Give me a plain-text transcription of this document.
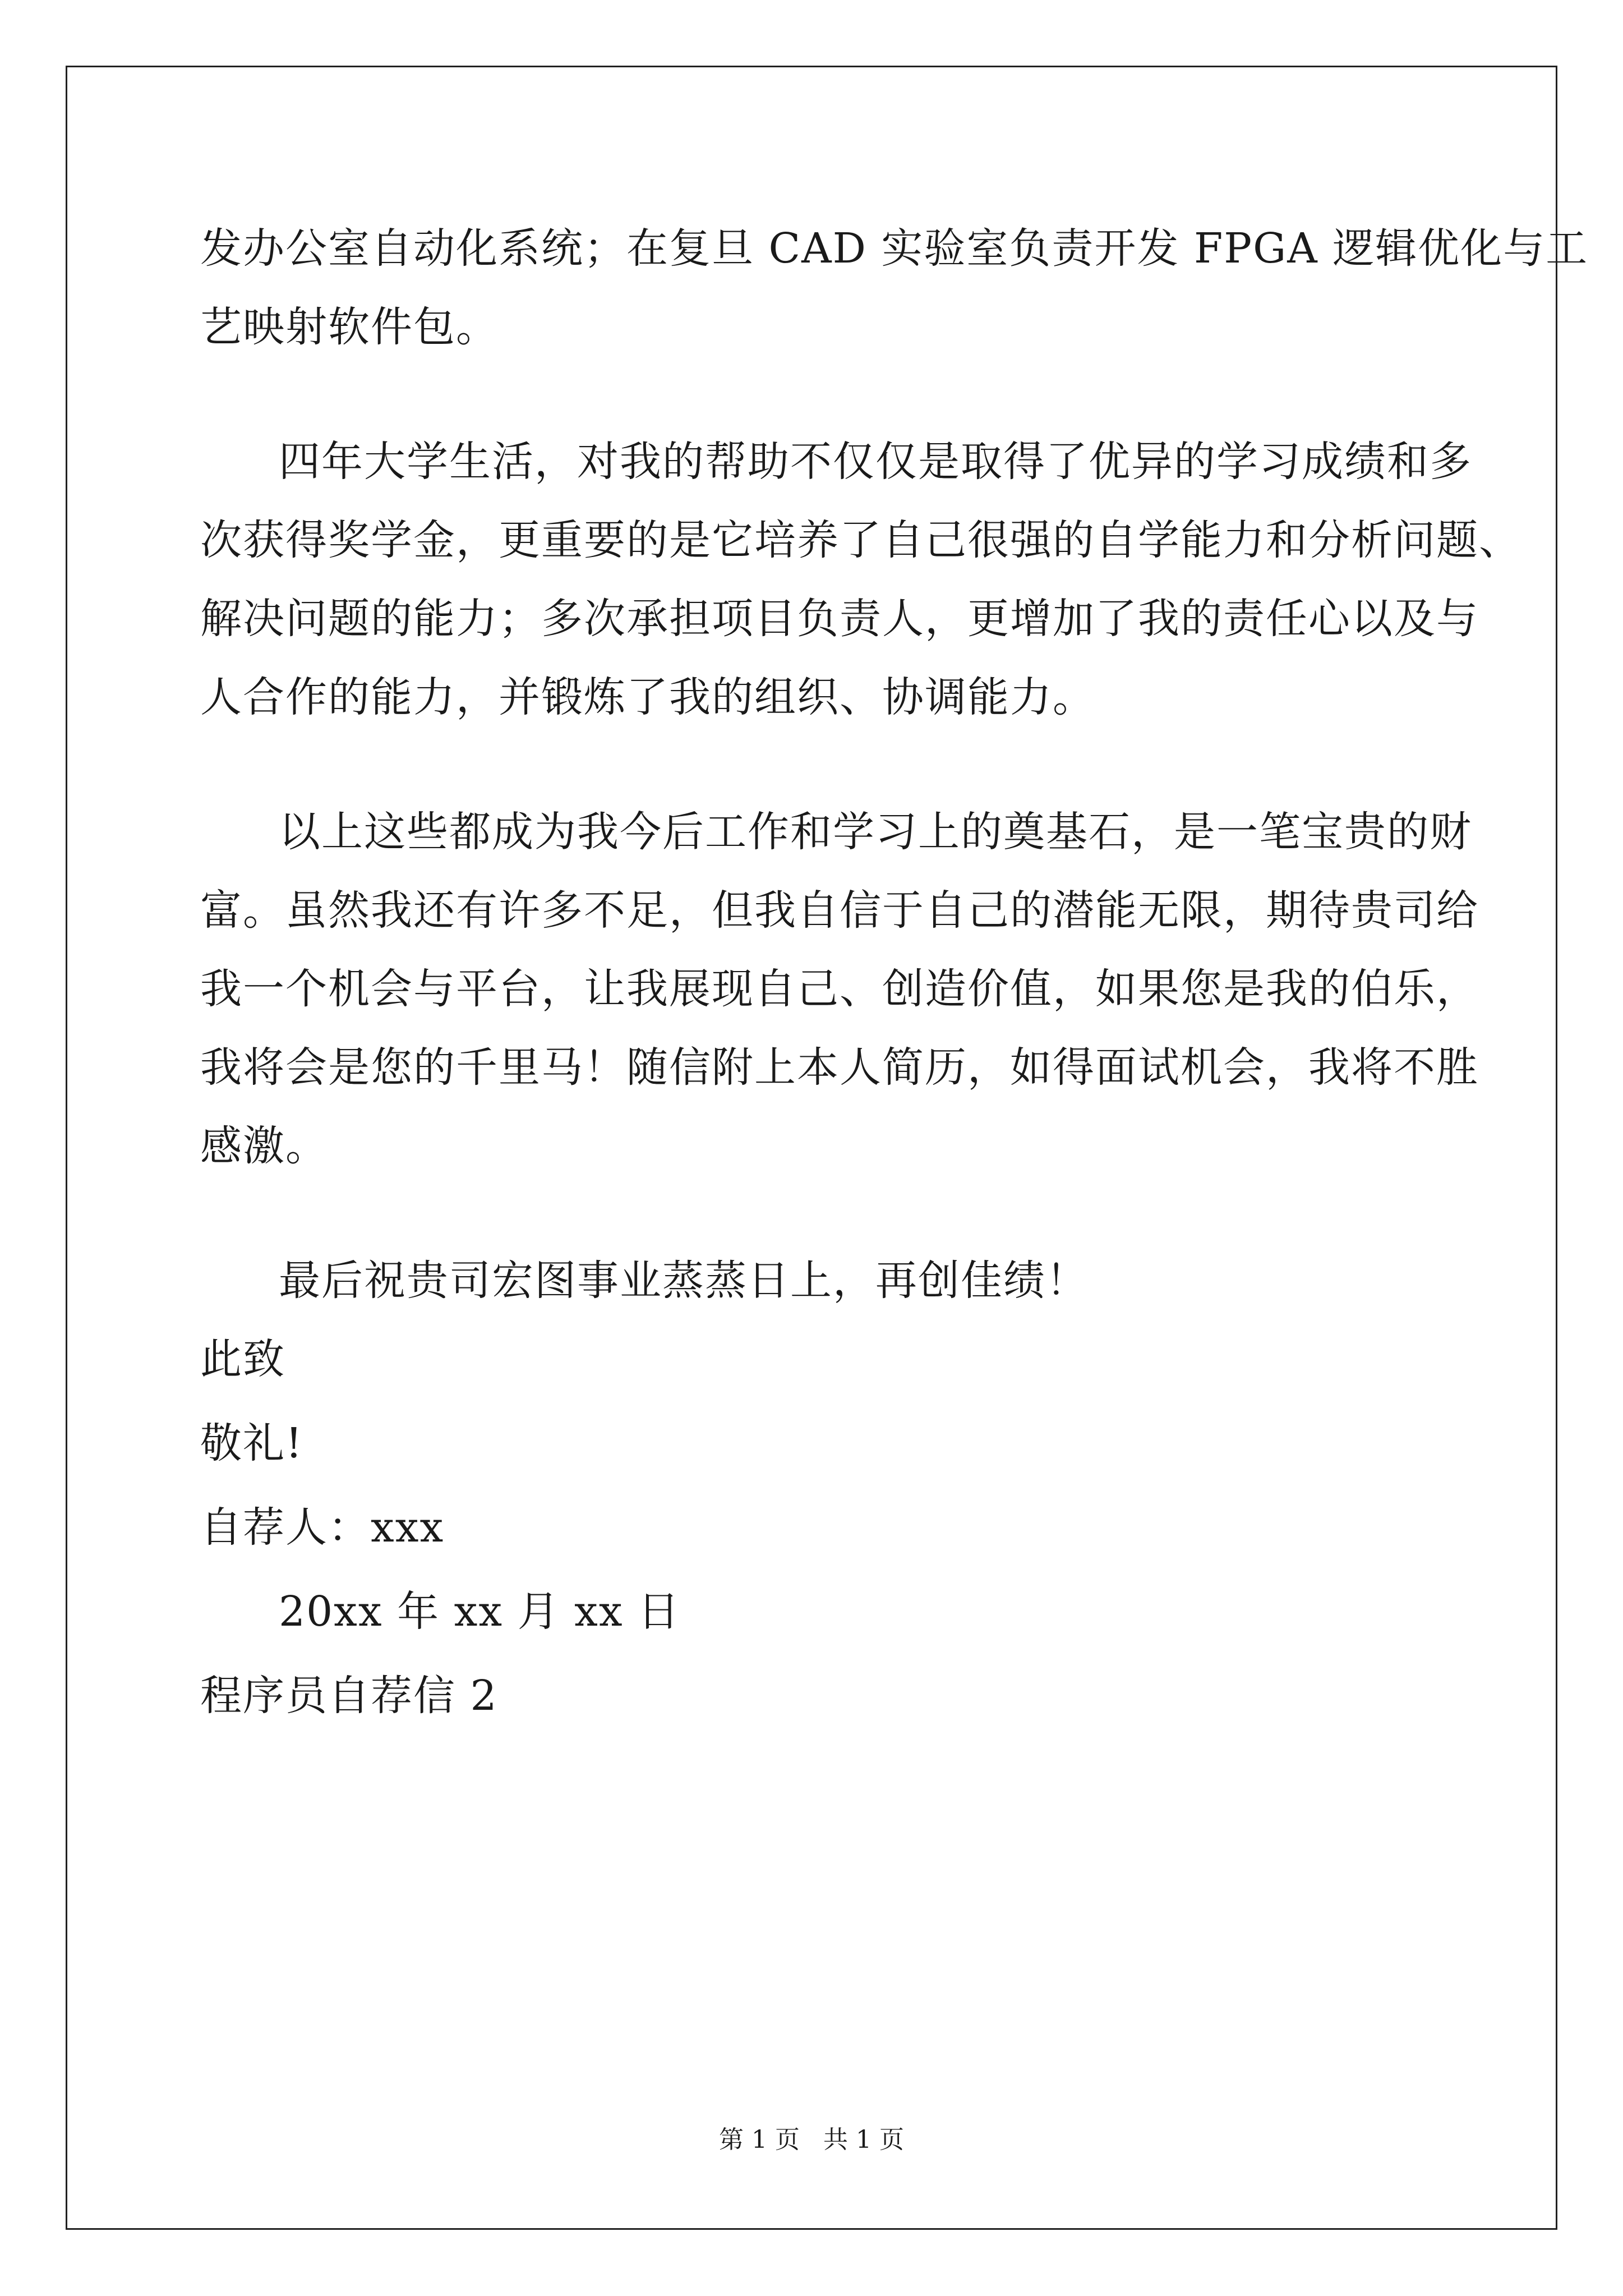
发办公室自动化系统；在复旦 CAD 实验室负责开发 FPGA 逻辑优化与工
艺映射软件包。
四年大学生活，对我的帮助不仅仅是取得了优异的学习成绩和多
次获得奖学金，更重要的是它培养了自己很强的自学能力和分析问题、
解决问题的能力；多次承担项目负责人，更增加了我的责任心以及与
人合作的能力，并锻炼了我的组织、协调能力。
以上这些都成为我今后工作和学习上的奠基石，是一笔宝贵的财
富。虽然我还有许多不足，但我自信于自己的潜能无限，期待贵司给
我一个机会与平台，让我展现自己、创造价值，如果您是我的伯乐，
我将会是您的千里马！随信附上本人简历，如得面试机会，我将不胜
感激。
最后祝贵司宏图事业蒸蒸日上，再创佳绩！
此致
敬礼!
自荐人：xxx
20xx 年 xx 月 xx 日
程序员自荐信 2
第 1 页   共 1 页
